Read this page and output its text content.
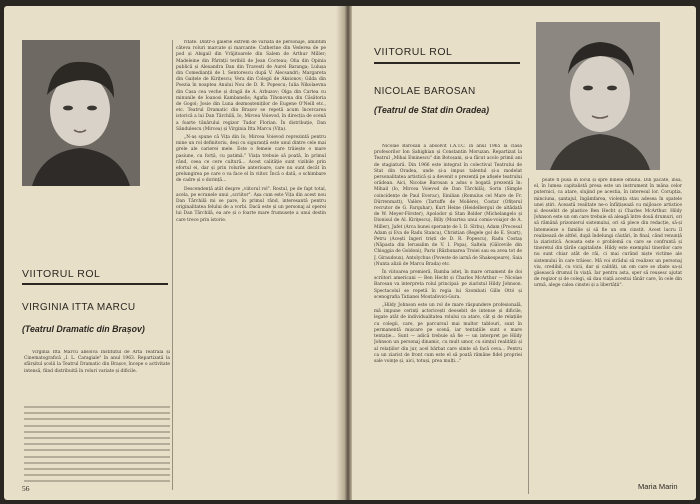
Virginia Itta Marcu absolvă Institutul de Artă Teatrală și Cinematografică „I. L. Caragiale" în anul 1963. Repartizată la sfârșitul școlii la Teatrul Dramatic din Brașov, începe o activitate intensă, fiind distribuită în roluri variate și dificile.

ritate. Dintr-o galerie extrem de variată de personaje, amintim câteva roluri marcate și marcante: Catherine din Vederea de pe pod și Abigail din Vrăjitoarele din Salem de Arthur Miller; Madeleine din Pârinții teribili de Jean Cocteau; Olia din Opinia publică și Alexandra Dan din Travesti de Aurel Baranga; Lulușa din Comedianții de I. Sentorescu după V. Alecsandri; Margareta din Gaițele de Kirițescu; Vera din Colegii de Aksionov; Gilda din Poezia în noaptea Anului Nou de D. R. Popescu; Iulia Nikolaevna din Casa cea veche și dragă de A. Arbuzov; Olga din Cartea cu minunile de Ioanosi Kambanelis; Agafia Tihonovna din Căsătoria de Gogol; Josie din Luna dezmoșteniților de Eugene O'Neill etc., etc. Teatrul Dramatic din Brașov se repetă acum încercarea istorică a lui Dan Tărchilă, Io, Mircea Voievod, în direcția de scenă a foarte tânărului regizor Tudor Florian. În distribuție, Dan Săndulescu (Mircea) și Virginia Itta Marcu (Vița).

„N-aș spune că Vița din Io, Mircea Voievod reprezintă pentru mine un rol definitoriu, deși cu siguranță este unul dintre cele mai grele ale carierei mele. Este o femeie care trăiește o mare pasiune, cu forță, cu patimă." Viața trebuie să poată, în primul rând, ceea ce cere cultură... Acest calităție sunt vizibile prin efortul ei, dar și prin rolurile anterioare, care nu sunt decât în prelungirea pe care o va face el în viitor. Încă o dată, o schimbare de cadre și o dorință...

Descendență atât despre „viitorul rol". Rostul, pe de fapt total, acela, pe ecranele unui „scriitor". Așa cum este Vița din acest nou Dan Tărchilă mi se pare, în primul rând, interesantă pentru originalitatea felului de a vorbi. Dacă este și un personaj al operei lui Dan Tărchilă, ea are și o foarte mare frumusețe a unui destin care trece prin istorie.

VIITORUL ROL
VIRGINIA ITTA MARCU
(Teatrul Dramatic din Brașov)
56
VIITORUL ROL
NICOLAE BAROSAN
(Teatrul de Stat din Oradea)

Nicolae Barosan a absolvit I.A.T.C. în anul 1965 la clasa profesorilor Ion Șahighian și Constantin Moruzan. Repartizat la Teatrul „Mihai Eminescu" din Botoșani, și-a făcut acolo primii ani de stagiatură. Din 1966 este integrat în colectivul Teatrului de Stat din Oradea, unde și-a impus talentul și-a modelat personalitatea artistică și a devenit o prezență pe afișele teatrului orădean. Aici, Nicolae Barosan a adus o bogată prezență în: Mihail (Io, Mircea Voievod de Dan Tărchilă), Sorin (Simple coincidențe de Paul Everac), Emilian (Romulus cel Mare de Fr. Dürrenmatt), Valère (Tartuffe de Molière), Costar (Ofițerul recrutor de G. Farquhar), Kurt Heine (Heidelbergul de altădată de W. Meyer-Förster), Apolodor și Stan Bolder (Michelangelo și Dionisul de Al. Kiriţescu), Billy (Moartea unui comis-voiajor de A. Miller), Jafet (Arca bunei speranțe de I. D. Sîrbu), Adam (Procesul Adam și Eva de Radu Stanca), Christian (Regele gol de E. Șvarț), Petru (Acești îngeri triști de D. R. Popescu), Radu Costaș (Năpasta din Ierusalim de V. I. Popa), Saltela (Gâlcevile din Chioggia de Goldoni), Paris (Răzbunarea Troiei sau ea avea tot de J. Giraudoux), Antolychus (Poveste de iarnă de Shakespeare), Saia (Nunta alizii de Marcu Brada) etc.

În viitoarea premieră, Bamba isteț, în mare ornament de doi scriitori americani — Ben Hecht și Charles McArthur — Nicolae Barosan va interpreta rolul principal: pe ziaristul Hildy Johnson. Spectacolul se repetă în regia lui Szombati Gille Ottó și scenografia Tatianei Moutafovici-Gura.

„Hildy Johnson este un rol de mare răspundere profesională, mă impune cerinți actoricești deosebit de intense și dificile, legate atât de individualitatea rolului ca atare, cât și de relațiile cu colegii, care, pe parcursul mai multor tablouri, sunt în permanentă mișcare pe scenă, iar tentațiile sunt o mare tentație... Sunt — adică trebuie să fie — un interpret pe Hildy Johnson un personaj dinamic, cu mult umor, cu simțul realității și al relațiilor din jur, acel bărbat care simte să facă ceva... Pentru ca un ziarist de front cum este el să poată rămâne fidel propriei sale voinţe și, aici, totuși, prea mulți..."

poate fi pusă în locul și spre binele omului. Din păcate, însă, el, în lumea capitalistă presa este un instrument în mâna celor puternici, ca atare, slujind pe acestia, în interesul lor. Corupția, minciuna, șantajul, îngâmfarea, violența stau adesea în spatele unei știri. Această realitate ne-o înfățișează cu mijloace artistice și deosebit de plastice Ben Hecht și Charles McArthur. Hildy Johnson este un om care trebuie să aleagă între două drumuri, ori să rămână prizonierul sistemului, ori să plece din redacție, să-și întemeieze o familie și să fie un om cinstit. Acest lucru îl realizează de altfel, după îndelungi căutări, în final, când renunță la ziaristică. Aceasta este o problemă cu care se confruntă și tineretul din țările capitaliste. Hildy este exemplul tinerilor care nu sunt chiar atât de răi, ci mai curând niște victime ale sistemului în care trăiesc. Mă voi strădui să realizez un personaj viu, credibil, cu vicii, dar și calități, un om care se zbate sa-și găsească drumul în viață. Iar pentru asta, sper să reușesc ajutat de regizor și de colegi, să dau viață acestui tânăr care, în cele din urmă, alege calea cinstei și a libertății".

Maria Marin
